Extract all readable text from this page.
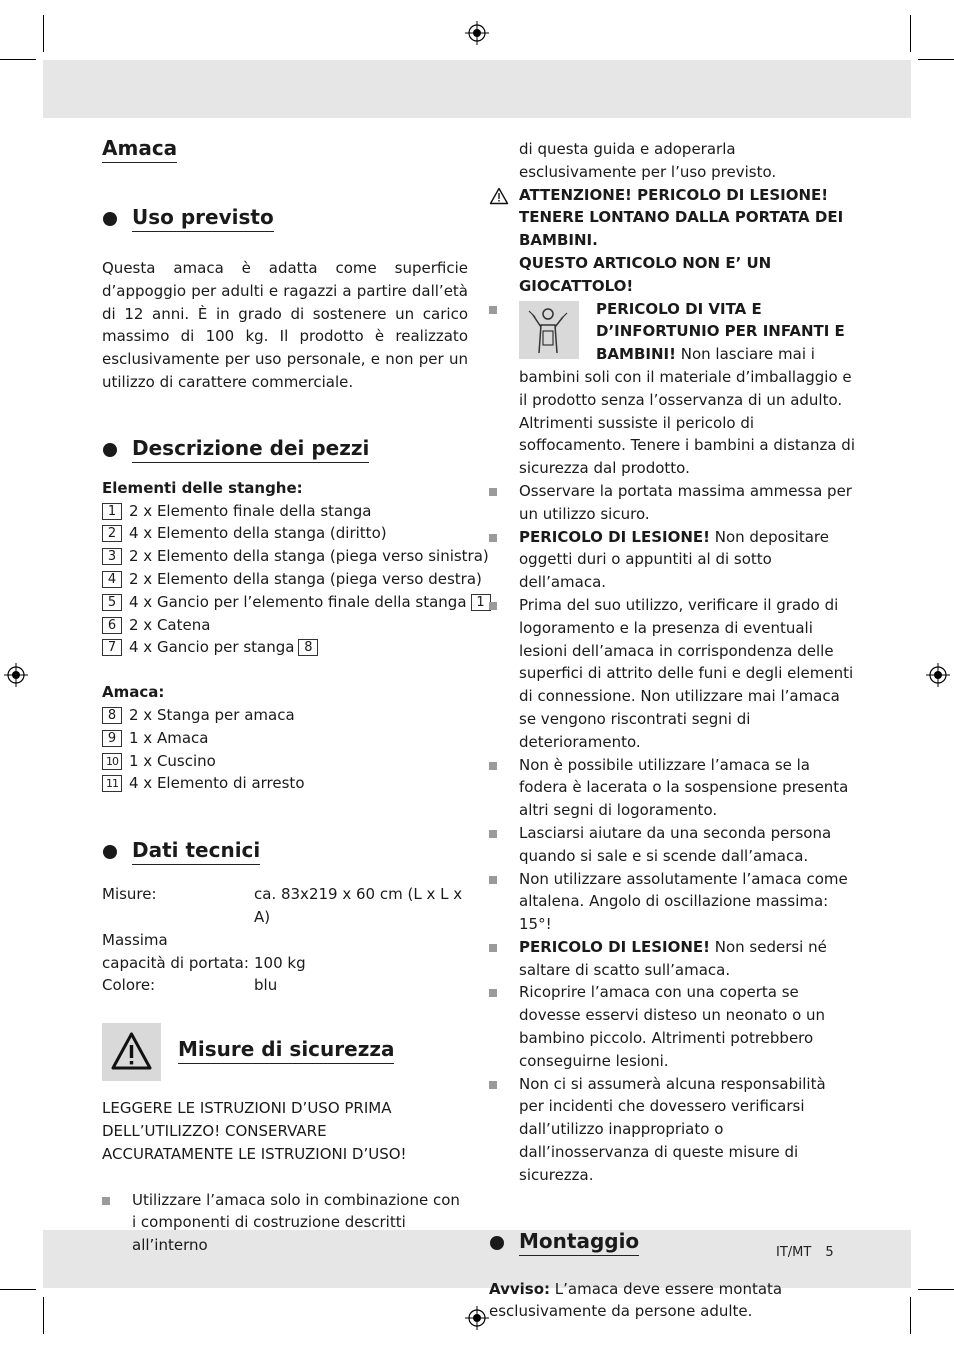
Amaca
Uso previsto

Questa amaca è adatta come superficie d’appoggio per adulti e ragazzi a partire dall’età di 12 anni. È in grado di sostenere un carico massimo di 100 kg. Il prodotto è realizzato esclusivamente per uso personale, e non per un utilizzo di carattere commerciale.

Descrizione dei pezzi

Elementi delle stanghe:

1 2 x Elemento finale della stanga
2 4 x Elemento della stanga (diritto)
3 2 x Elemento della stanga (piega verso sinistra)
4 2 x Elemento della stanga (piega verso destra)
5 4 x Gancio per l’elemento finale della stanga 1
6 2 x Catena
7 4 x Gancio per stanga 8

Amaca:

8 2 x Stanga per amaca
9 1 x Amaca
10 1 x Cuscino
11 4 x Elemento di arresto
Dati tecnici
Misure:	ca. 83x219 x 60 cm (L x L x A)
Massima
capacità di portata: 100 kg
Colore:	blu
Misure di sicurezza

LEGGERE LE ISTRUZIONI D’USO PRIMA DELL’UTILIZZO! CONSERVARE ACCURATAMENTE LE ISTRUZIONI D’USO!

Utilizzare l’amaca solo in combinazione con i componenti di costruzione descritti all’interno

di questa guida e adoperarla esclusivamente per l’uso previsto.

ATTENZIONE! PERICOLO DI LESIONE! TENERE LONTANO DALLA PORTATA DEI BAMBINI.

QUESTO ARTICOLO NON E’ UN GIOCATTOLO!

PERICOLO DI VITA E D’INFORTUNIO PER INFANTI E BAMBINI! Non lasciare mai i bambini soli con il materiale d’imballaggio e il prodotto senza l’osservanza di un adulto. Altrimenti sussiste il pericolo di soffocamento. Tenere i bambini a distanza di sicurezza dal prodotto.
Osservare la portata massima ammessa per un utilizzo sicuro.
PERICOLO DI LESIONE! Non depositare oggetti duri o appuntiti al di sotto dell’amaca.
Prima del suo utilizzo, verificare il grado di logoramento e la presenza di eventuali lesioni dell’amaca in corrispondenza delle superfici di attrito delle funi e degli elementi di connessione. Non utilizzare mai l’amaca se vengono riscontrati segni di deterioramento.
Non è possibile utilizzare l’amaca se la fodera è lacerata o la sospensione presenta altri segni di logoramento.
Lasciarsi aiutare da una seconda persona quando si sale e si scende dall’amaca.
Non utilizzare assolutamente l’amaca come altalena. Angolo di oscillazione massima: 15°!
PERICOLO DI LESIONE! Non sedersi né saltare di scatto sull’amaca.
Ricoprire l’amaca con una coperta se dovesse esservi disteso un neonato o un bambino piccolo. Altrimenti potrebbero conseguirne lesioni.
Non ci si assumerà alcuna responsabilità per incidenti che dovessero verificarsi dall’utilizzo inappropriato o dall’inosservanza di queste misure di sicurezza.
Montaggio

Avviso: L’amaca deve essere montata esclusivamente da persone adulte.

IT/MT 5
